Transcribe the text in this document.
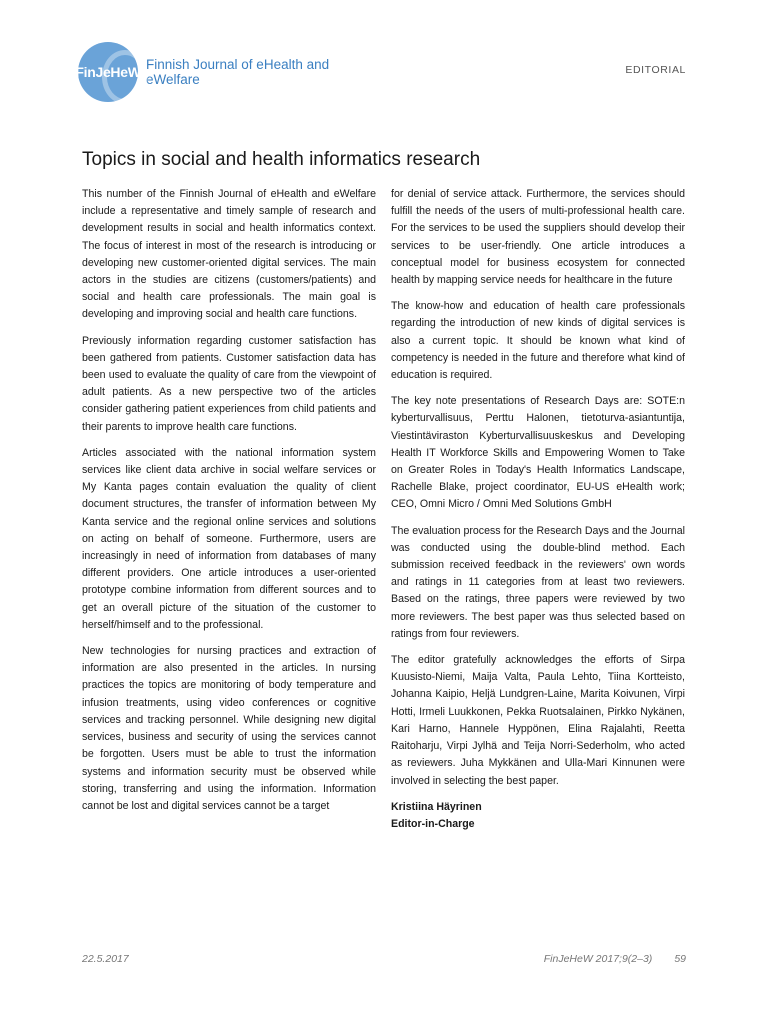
FinJeHeW Finnish Journal of eHealth and eWelfare
EDITORIAL
Topics in social and health informatics research

This number of the Finnish Journal of eHealth and eWelfare include a representative and timely sample of research and development results in social and health informatics context. The focus of interest in most of the research is introducing or developing new customer-oriented digital services. The main actors in the studies are citizens (customers/patients) and social and health care professionals. The main goal is developing and improving social and health care functions.

Previously information regarding customer satisfaction has been gathered from patients. Customer satisfaction data has been used to evaluate the quality of care from the viewpoint of adult patients. As a new perspective two of the articles consider gathering patient experiences from child patients and their parents to improve health care functions.

Articles associated with the national information system services like client data archive in social welfare services or My Kanta pages contain evaluation the quality of client document structures, the transfer of information between My Kanta service and the regional online services and solutions on acting on behalf of someone. Furthermore, users are increasingly in need of information from databases of many different providers. One article introduces a user-oriented prototype combine information from different sources and to get an overall picture of the situation of the customer to herself/himself and to the professional.

New technologies for nursing practices and extraction of information are also presented in the articles. In nursing practices the topics are monitoring of body temperature and infusion treatments, using video conferences or cognitive services and tracking personnel. While designing new digital services, business and security of using the services cannot be forgotten. Users must be able to trust the information systems and information security must be observed while storing, transferring and using the information. Information cannot be lost and digital services cannot be a target

for denial of service attack. Furthermore, the services should fulfill the needs of the users of multi-professional health care. For the services to be used the suppliers should develop their services to be user-friendly. One article introduces a conceptual model for business ecosystem for connected health by mapping service needs for healthcare in the future

The know-how and education of health care professionals regarding the introduction of new kinds of digital services is also a current topic. It should be known what kind of competency is needed in the future and therefore what kind of education is required.

The key note presentations of Research Days are: SOTE:n kyberturvallisuus, Perttu Halonen, tietoturva-asiantuntija, Viestintäviraston Kyberturvallisuuskeskus and Developing Health IT Workforce Skills and Empowering Women to Take on Greater Roles in Today's Health Informatics Landscape, Rachelle Blake, project coordinator, EU-US eHealth work; CEO, Omni Micro / Omni Med Solutions GmbH

The evaluation process for the Research Days and the Journal was conducted using the double-blind method. Each submission received feedback in the reviewers' own words and ratings in 11 categories from at least two reviewers. Based on the ratings, three papers were reviewed by two more reviewers. The best paper was thus selected based on ratings from four reviewers.

The editor gratefully acknowledges the efforts of Sirpa Kuusisto-Niemi, Maija Valta, Paula Lehto, Tiina Kortteisto, Johanna Kaipio, Heljä Lundgren-Laine, Marita Koivunen, Virpi Hotti, Irmeli Luukkonen, Pekka Ruotsalainen, Pirkko Nykänen, Kari Harno, Hannele Hyppönen, Elina Rajalahti, Reetta Raitoharju, Virpi Jylhä and Teija Norri-Sederholm, who acted as reviewers. Juha Mykkänen and Ulla-Mari Kinnunen were involved in selecting the best paper.

Kristiina Häyrinen
Editor-in-Charge
22.5.2017	FinJeHeW 2017;9(2–3) 59
